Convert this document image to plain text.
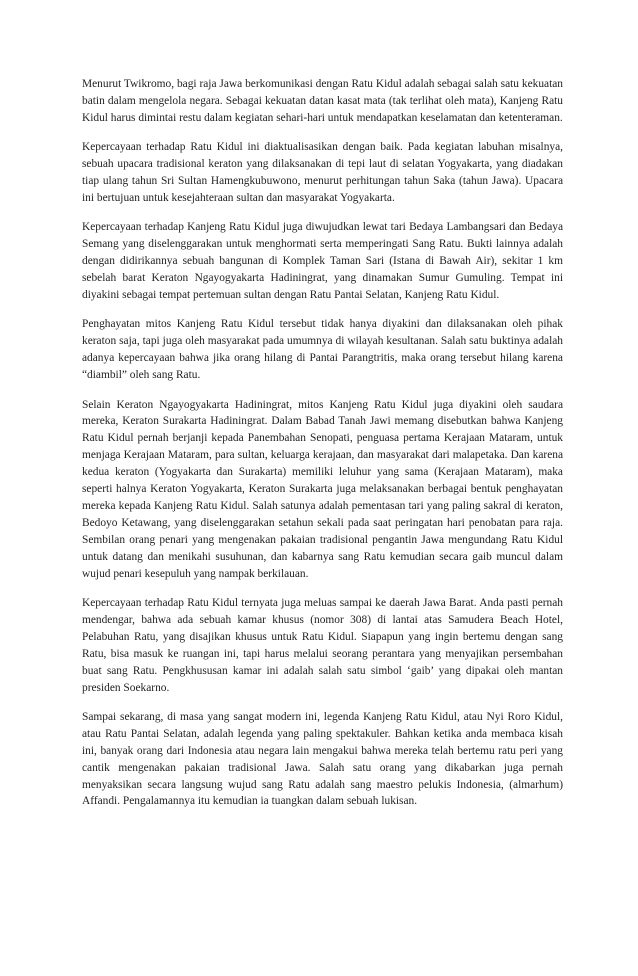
Menurut Twikromo, bagi raja Jawa berkomunikasi dengan Ratu Kidul adalah sebagai salah satu kekuatan batin dalam mengelola negara. Sebagai kekuatan datan kasat mata (tak terlihat oleh mata), Kanjeng Ratu Kidul harus dimintai restu dalam kegiatan sehari-hari untuk mendapatkan keselamatan dan ketenteraman.

Kepercayaan terhadap Ratu Kidul ini diaktualisasikan dengan baik. Pada kegiatan labuhan misalnya, sebuah upacara tradisional keraton yang dilaksanakan di tepi laut di selatan Yogyakarta, yang diadakan tiap ulang tahun Sri Sultan Hamengkubuwono, menurut perhitungan tahun Saka (tahun Jawa). Upacara ini bertujuan untuk kesejahteraan sultan dan masyarakat Yogyakarta.

Kepercayaan terhadap Kanjeng Ratu Kidul juga diwujudkan lewat tari Bedaya Lambangsari dan Bedaya Semang yang diselenggarakan untuk menghormati serta memperingati Sang Ratu. Bukti lainnya adalah dengan didirikannya sebuah bangunan di Komplek Taman Sari (Istana di Bawah Air), sekitar 1 km sebelah barat Keraton Ngayogyakarta Hadiningrat, yang dinamakan Sumur Gumuling. Tempat ini diyakini sebagai tempat pertemuan sultan dengan Ratu Pantai Selatan, Kanjeng Ratu Kidul.

Penghayatan mitos Kanjeng Ratu Kidul tersebut tidak hanya diyakini dan dilaksanakan oleh pihak keraton saja, tapi juga oleh masyarakat pada umumnya di wilayah kesultanan. Salah satu buktinya adalah adanya kepercayaan bahwa jika orang hilang di Pantai Parangtritis, maka orang tersebut hilang karena “diambil” oleh sang Ratu.

Selain Keraton Ngayogyakarta Hadiningrat, mitos Kanjeng Ratu Kidul juga diyakini oleh saudara mereka, Keraton Surakarta Hadiningrat. Dalam Babad Tanah Jawi memang disebutkan bahwa Kanjeng Ratu Kidul pernah berjanji kepada Panembahan Senopati, penguasa pertama Kerajaan Mataram, untuk menjaga Kerajaan Mataram, para sultan, keluarga kerajaan, dan masyarakat dari malapetaka. Dan karena kedua keraton (Yogyakarta dan Surakarta) memiliki leluhur yang sama (Kerajaan Mataram), maka seperti halnya Keraton Yogyakarta, Keraton Surakarta juga melaksanakan berbagai bentuk penghayatan mereka kepada Kanjeng Ratu Kidul. Salah satunya adalah pementasan tari yang paling sakral di keraton, Bedoyo Ketawang, yang diselenggarakan setahun sekali pada saat peringatan hari penobatan para raja. Sembilan orang penari yang mengenakan pakaian tradisional pengantin Jawa mengundang Ratu Kidul untuk datang dan menikahi susuhunan, dan kabarnya sang Ratu kemudian secara gaib muncul dalam wujud penari kesepuluh yang nampak berkilauan.

Kepercayaan terhadap Ratu Kidul ternyata juga meluas sampai ke daerah Jawa Barat. Anda pasti pernah mendengar, bahwa ada sebuah kamar khusus (nomor 308) di lantai atas Samudera Beach Hotel, Pelabuhan Ratu, yang disajikan khusus untuk Ratu Kidul. Siapapun yang ingin bertemu dengan sang Ratu, bisa masuk ke ruangan ini, tapi harus melalui seorang perantara yang menyajikan persembahan buat sang Ratu. Pengkhususan kamar ini adalah salah satu simbol ‘gaib’ yang dipakai oleh mantan presiden Soekarno.

Sampai sekarang, di masa yang sangat modern ini, legenda Kanjeng Ratu Kidul, atau Nyi Roro Kidul, atau Ratu Pantai Selatan, adalah legenda yang paling spektakuler. Bahkan ketika anda membaca kisah ini, banyak orang dari Indonesia atau negara lain mengakui bahwa mereka telah bertemu ratu peri yang cantik mengenakan pakaian tradisional Jawa. Salah satu orang yang dikabarkan juga pernah menyaksikan secara langsung wujud sang Ratu adalah sang maestro pelukis Indonesia, (almarhum) Affandi. Pengalamannya itu kemudian ia tuangkan dalam sebuah lukisan.
